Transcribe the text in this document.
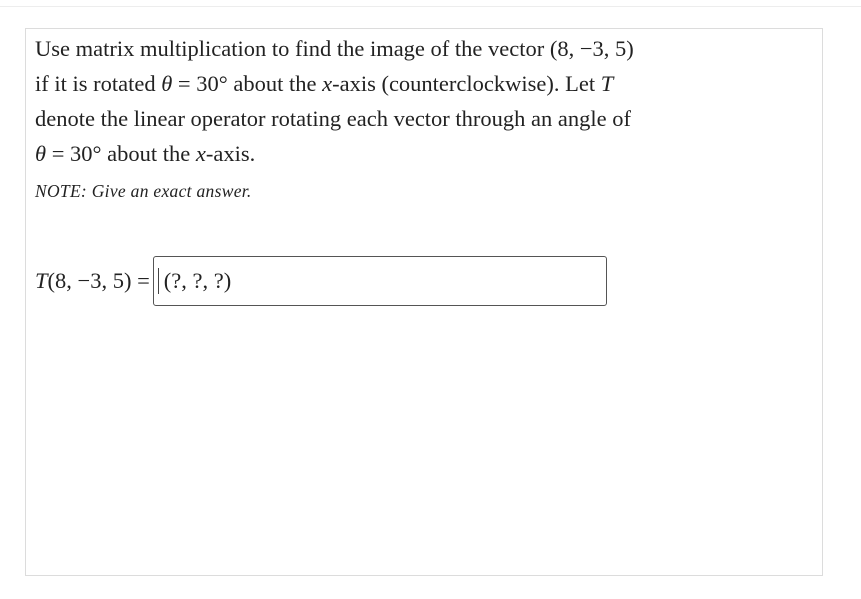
Use matrix multiplication to find the image of the vector (8, −3, 5)
if it is rotated θ = 30° about the x-axis (counterclockwise). Let T
denote the linear operator rotating each vector through an angle of
θ = 30° about the x-axis.
NOTE: Give an exact answer.
T(8, −3, 5) =
(?, ?, ?)
